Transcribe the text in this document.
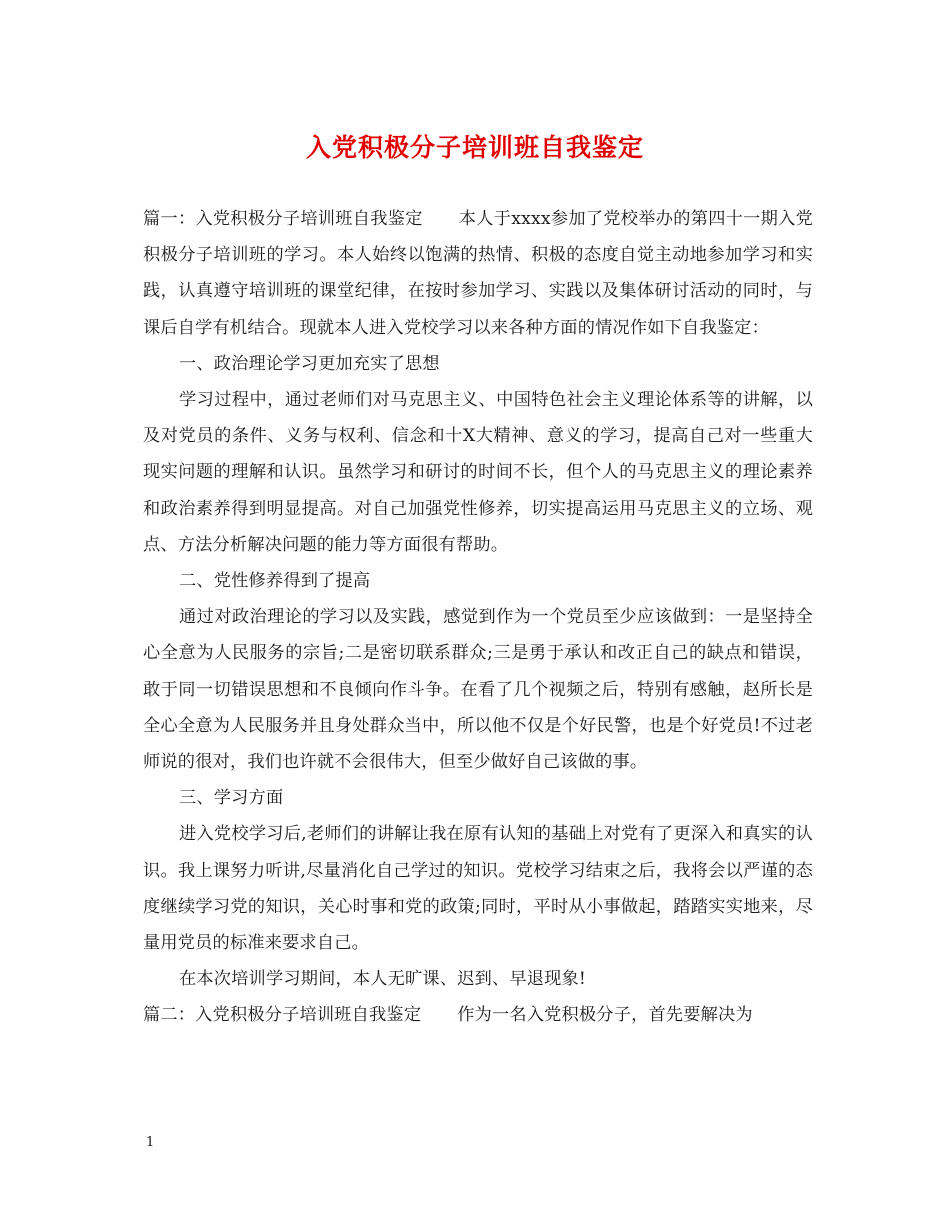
入党积极分子培训班自我鉴定

篇一：入党积极分子培训班自我鉴定 本人于xxxx参加了党校举办的第四十一期入党积极分子培训班的学习。本人始终以饱满的热情、积极的态度自觉主动地参加学习和实践，认真遵守培训班的课堂纪律，在按时参加学习、实践以及集体研讨活动的同时，与课后自学有机结合。现就本人进入党校学习以来各种方面的情况作如下自我鉴定：

一、政治理论学习更加充实了思想

学习过程中，通过老师们对马克思主义、中国特色社会主义理论体系等的讲解，以及对党员的条件、义务与权利、信念和十X大精神、意义的学习，提高自己对一些重大现实问题的理解和认识。虽然学习和研讨的时间不长，但个人的马克思主义的理论素养和政治素养得到明显提高。对自己加强党性修养，切实提高运用马克思主义的立场、观点、方法分析解决问题的能力等方面很有帮助。

二、党性修养得到了提高

通过对政治理论的学习以及实践，感觉到作为一个党员至少应该做到：一是坚持全心全意为人民服务的宗旨;二是密切联系群众;三是勇于承认和改正自己的缺点和错误，敢于同一切错误思想和不良倾向作斗争。在看了几个视频之后，特别有感触，赵所长是全心全意为人民服务并且身处群众当中，所以他不仅是个好民警，也是个好党员!不过老师说的很对，我们也许就不会很伟大，但至少做好自己该做的事。

三、学习方面

进入党校学习后,老师们的讲解让我在原有认知的基础上对党有了更深入和真实的认识。我上课努力听讲,尽量消化自己学过的知识。党校学习结束之后，我将会以严谨的态度继续学习党的知识，关心时事和党的政策;同时，平时从小事做起，踏踏实实地来，尽量用党员的标准来要求自己。

在本次培训学习期间，本人无旷课、迟到、早退现象!

篇二：入党积极分子培训班自我鉴定 作为一名入党积极分子，首先要解决为

1
